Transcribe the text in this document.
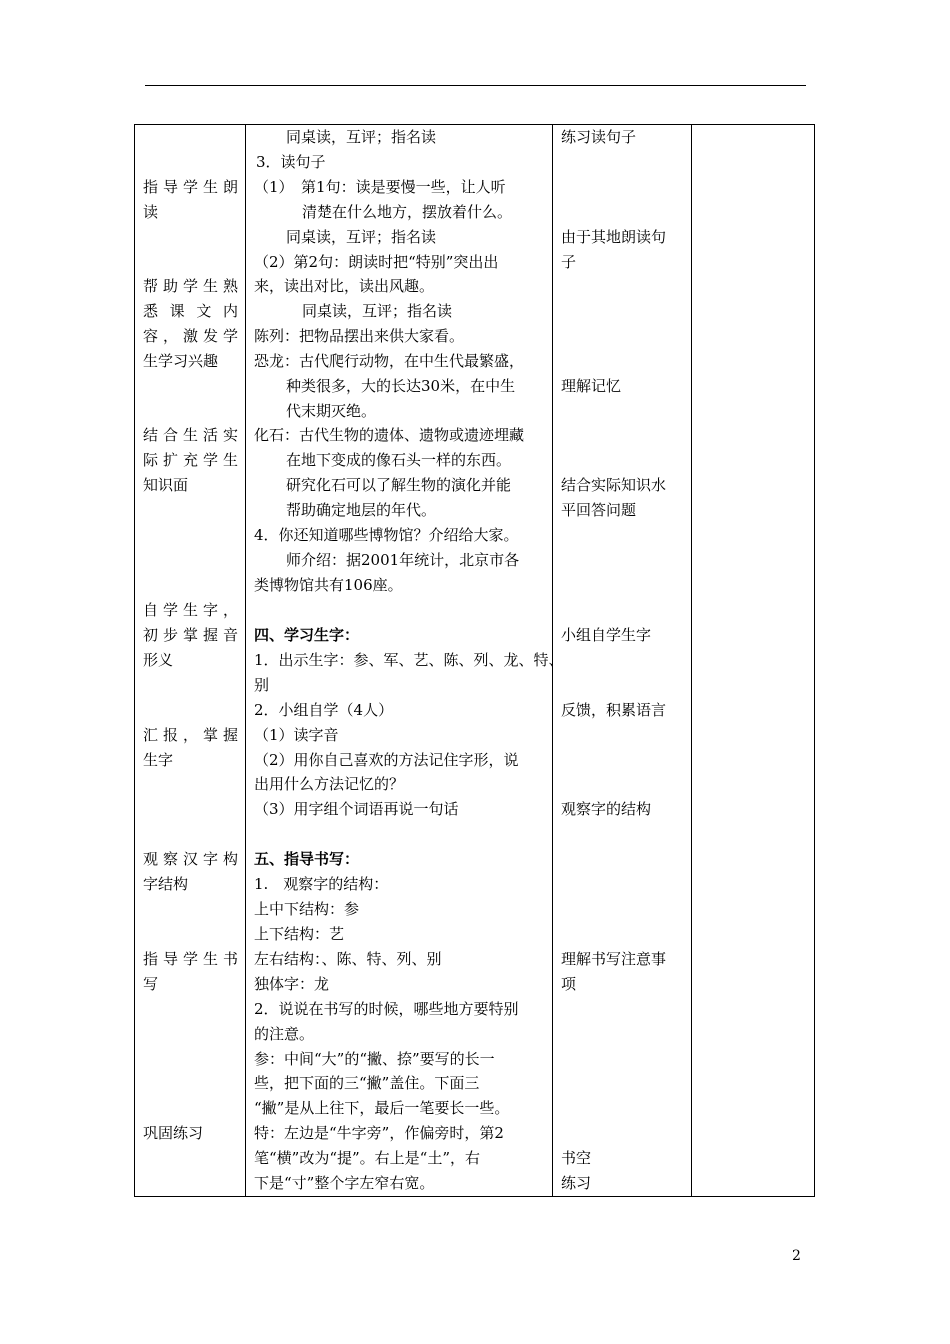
指导学生朗
读
帮助学生熟
悉 课 文 内
容，激发学
生学习兴趣
结合生活实
际扩充学生
知识面
自学生字，
初步掌握音
形义
汇报，掌握
生字
观察汉字构
字结构
指导学生书
写
巩固练习
同桌读，互评；指名读
3．读句子
（1）　第1句：读是要慢一些，让人听
清楚在什么地方，摆放着什么。
同桌读，互评；指名读
（2）第2句：朗读时把“特别”突出出
来，读出对比，读出风趣。
同桌读，互评；指名读
陈列：把物品摆出来供大家看。
恐龙：古代爬行动物，在中生代最繁盛，
种类很多，大的长达30米，在中生
代末期灭绝。
化石：古代生物的遗体、遗物或遗迹埋藏
在地下变成的像石头一样的东西。
研究化石可以了解生物的演化并能
帮助确定地层的年代。
4．你还知道哪些博物馆？介绍给大家。
师介绍：据2001年统计，北京市各
类博物馆共有106座。
四、学习生字：
1．出示生字：参、军、艺、陈、列、龙、特、
别
2．小组自学（4人）
（1）读字音
（2）用你自己喜欢的方法记住字形，说
出用什么方法记忆的？
（3）用字组个词语再说一句话
五、指导书写：
1.　观察字的结构：
上中下结构：参
上下结构：艺
左右结构：、陈、特、列、别
独体字：龙
2．说说在书写的时候，哪些地方要特别
的注意。
参：中间“大”的“撇、捺”要写的长一
些，把下面的三“撇”盖住。下面三
“撇”是从上往下，最后一笔要长一些。
特：左边是“牛字旁”，作偏旁时，第2
笔“横”改为“提”。右上是“土”，右
下是“寸”整个字左窄右宽。
练习读句子
由于其地朗读句
子
理解记忆
结合实际知识水
平回答问题
小组自学生字
反馈，积累语言
观察字的结构
理解书写注意事
项
书空
练习
2
